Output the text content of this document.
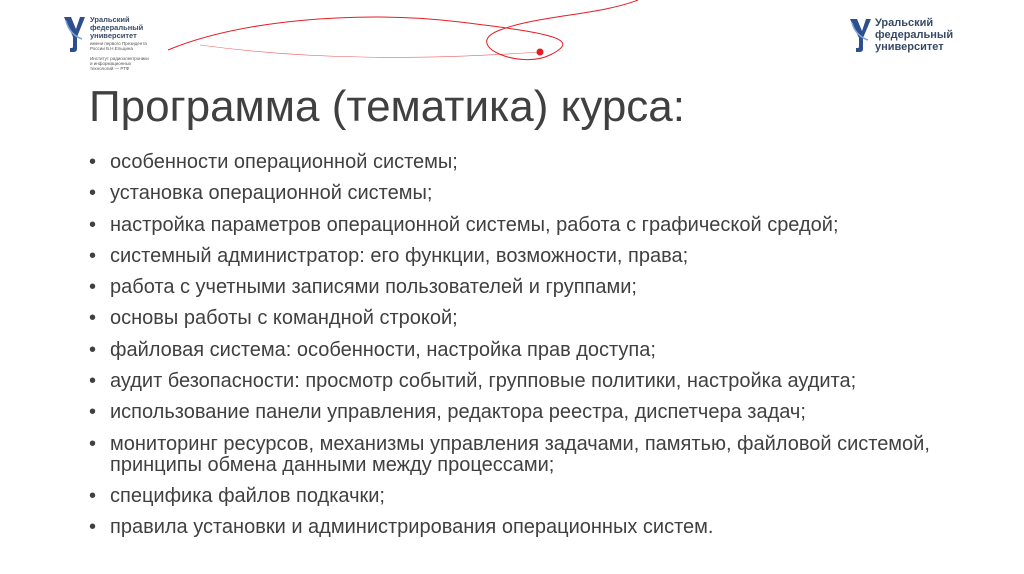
Уральский
федеральный
университет
имени первого Президента
России Б.Н.Ельцина
Институт радиоэлектроники
и информационных
технологий — РТФ
Уральский
федеральный
университет
Программа (тематика) курса:
• особенности операционной системы;
• установка операционной системы;
• настройка параметров операционной системы, работа с графической средой;
• системный администратор: его функции, возможности, права;
• работа с учетными записями пользователей и группами;
• основы работы с командной строкой;
• файловая система: особенности, настройка прав доступа;
• аудит безопасности: просмотр событий, групповые политики, настройка аудита;
• использование панели управления, редактора реестра, диспетчера задач;
• мониторинг ресурсов, механизмы управления задачами, памятью, файловой системой, принципы обмена данными между процессами;
• специфика файлов подкачки;
• правила установки и администрирования операционных систем.
